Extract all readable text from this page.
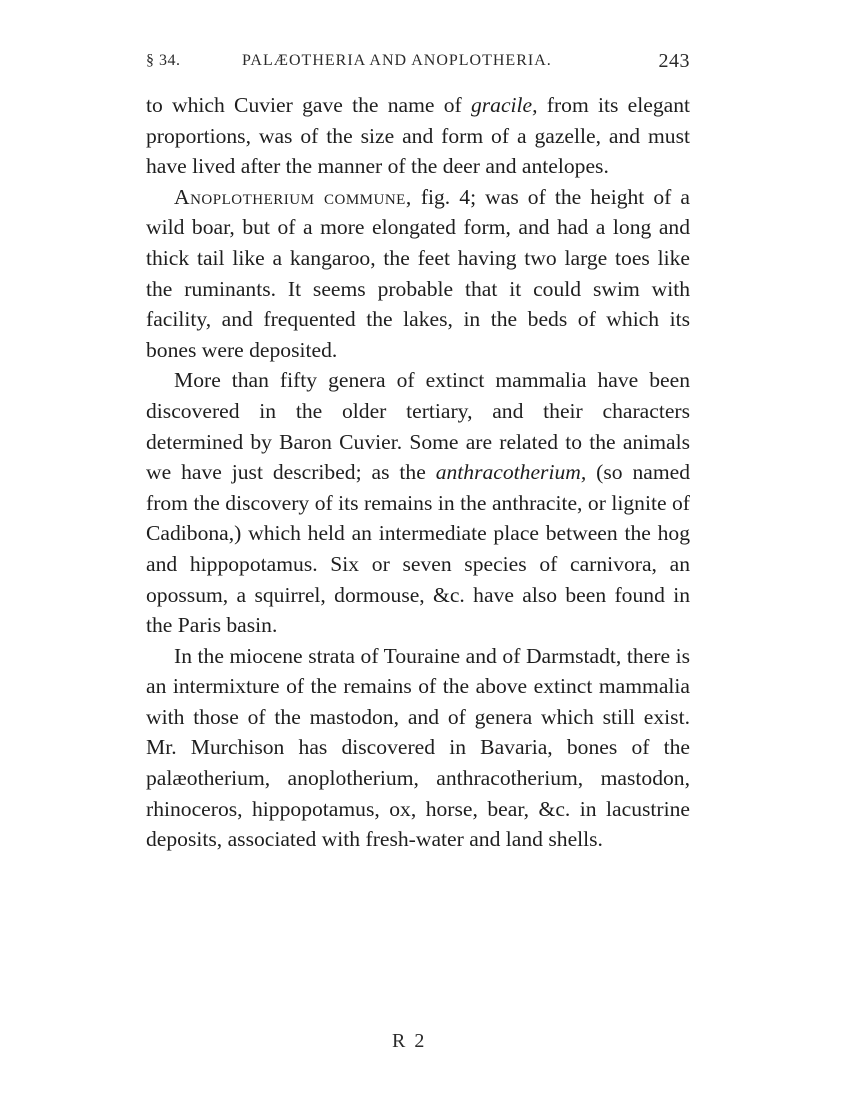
§ 34.	PALÆOTHERIA AND ANOPLOTHERIA.	243

to which Cuvier gave the name of gracile, from its elegant proportions, was of the size and form of a gazelle, and must have lived after the manner of the deer and antelopes.

Anoplotherium commune, fig. 4; was of the height of a wild boar, but of a more elongated form, and had a long and thick tail like a kangaroo, the feet having two large toes like the ruminants. It seems probable that it could swim with facility, and frequented the lakes, in the beds of which its bones were deposited.

More than fifty genera of extinct mammalia have been discovered in the older tertiary, and their characters determined by Baron Cuvier. Some are related to the animals we have just described; as the anthracotherium, (so named from the discovery of its remains in the anthracite, or lignite of Cadibona,) which held an intermediate place between the hog and hippopotamus. Six or seven species of carnivora, an opossum, a squirrel, dormouse, &c. have also been found in the Paris basin.

In the miocene strata of Touraine and of Darmstadt, there is an intermixture of the remains of the above extinct mammalia with those of the mastodon, and of genera which still exist. Mr. Murchison has discovered in Bavaria, bones of the palæotherium, anoplotherium, anthracotherium, mastodon, rhinoceros, hippopotamus, ox, horse, bear, &c. in lacustrine deposits, associated with fresh-water and land shells.

R 2
